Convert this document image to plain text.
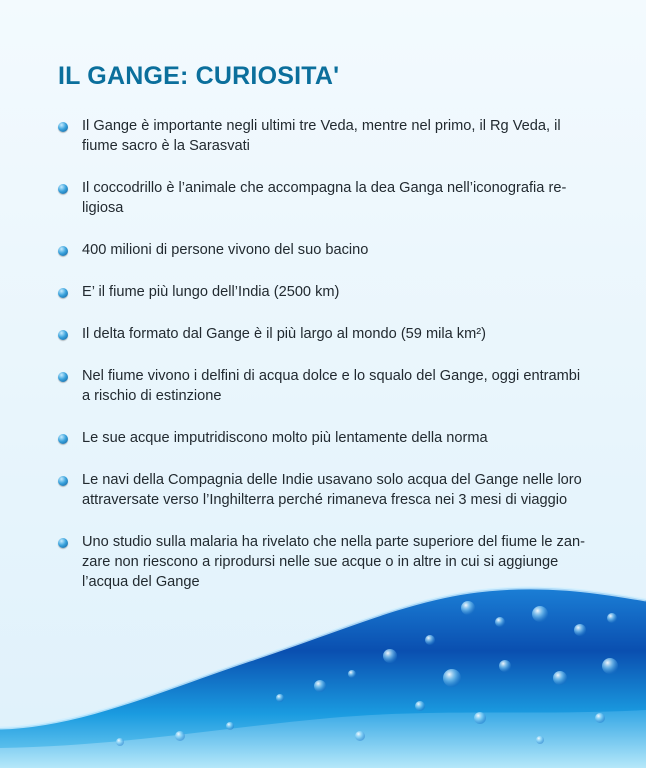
IL GANGE: CURIOSITA'
Il Gange è importante negli ultimi tre Veda, mentre nel primo, il Rg Veda, il fiume sacro è la Sarasvati
Il coccodrillo è l’animale che accompagna la dea Ganga nell’iconografia re-ligiosa
400 milioni di persone vivono del suo bacino
E’ il fiume più lungo dell’India (2500 km)
Il delta formato dal Gange è il più largo al mondo (59 mila km²)
Nel fiume vivono i delfini di acqua dolce e lo squalo del Gange, oggi entrambi a rischio di estinzione
Le sue acque imputridiscono molto più lentamente della norma
Le navi della Compagnia delle Indie usavano solo acqua del Gange nelle loro attraversate verso l’Inghilterra perché rimaneva fresca nei 3 mesi di viaggio
Uno studio sulla malaria ha rivelato che nella parte superiore del fiume le zan-zare non riescono a riprodursi nelle sue acque o in altre in cui si aggiunge l’acqua del Gange
